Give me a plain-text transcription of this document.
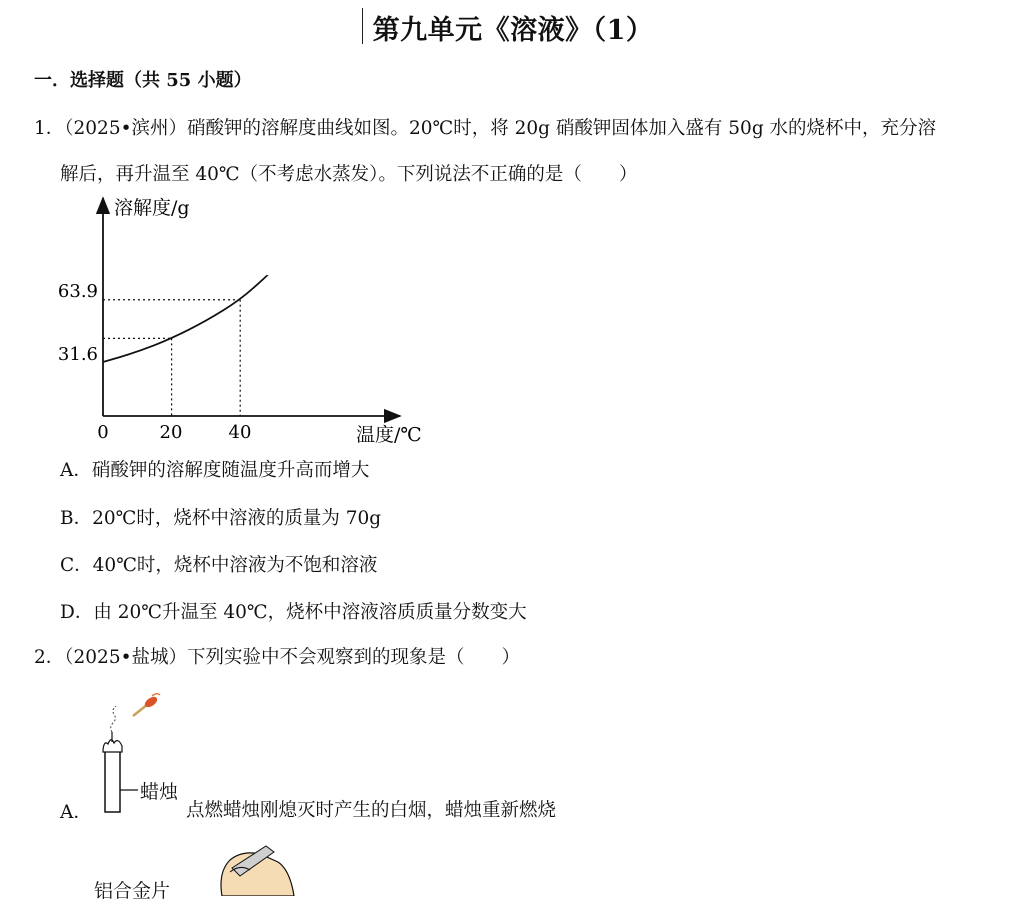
第九单元《溶液》（1）
一．选择题（共 55 小题）
1．（2025•滨州）硝酸钾的溶解度曲线如图。20℃时，将 20g 硝酸钾固体加入盛有 50g 水的烧杯中，充分溶
解后，再升温至 40℃（不考虑水蒸发）。下列说法不正确的是（　　）
溶解度/g
温度/℃
0	20	40
31.6
63.9
A．硝酸钾的溶解度随温度升高而增大
B．20℃时，烧杯中溶液的质量为 70g
C．40℃时，烧杯中溶液为不饱和溶液
D．由 20℃升温至 40℃，烧杯中溶液溶质质量分数变大
2．（2025•盐城）下列实验中不会观察到的现象是（　　）
蜡烛
A．	点燃蜡烛刚熄灭时产生的白烟，蜡烛重新燃烧
铝合金片
